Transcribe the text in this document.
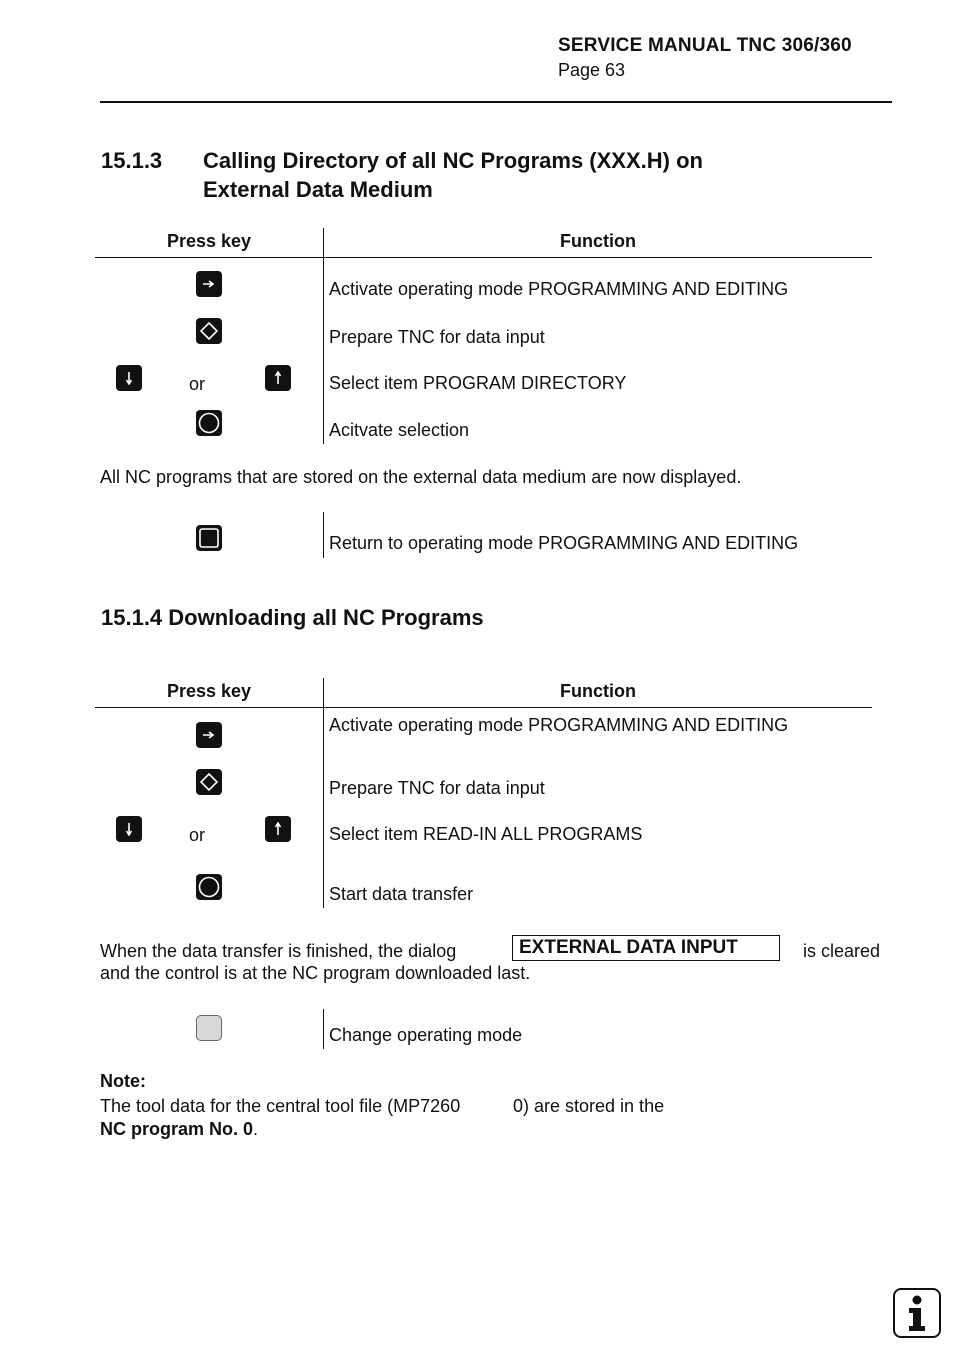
SERVICE MANUAL TNC 306/360
Page 63
15.1.3 Calling Directory of all NC Programs (XXX.H) on
External Data Medium
Press key	Function
Activate operating mode PROGRAMMING AND EDITING
Prepare TNC for data input
or	Select item PROGRAM DIRECTORY
Acitvate selection
All NC programs that are stored on the external data medium are now displayed.
Return to operating mode PROGRAMMING AND EDITING
15.1.4 Downloading all NC Programs
Press key	Function
Activate operating mode PROGRAMMING AND EDITING
Prepare TNC for data input
or	Select item READ-IN ALL PROGRAMS
Start data transfer
When the data transfer is finished, the dialog	EXTERNAL DATA INPUT	is cleared
and the control is at the NC program downloaded last.
Change operating mode
Note:
The tool data for the central tool file (MP7260	0) are stored in the
NC program No. 0.
